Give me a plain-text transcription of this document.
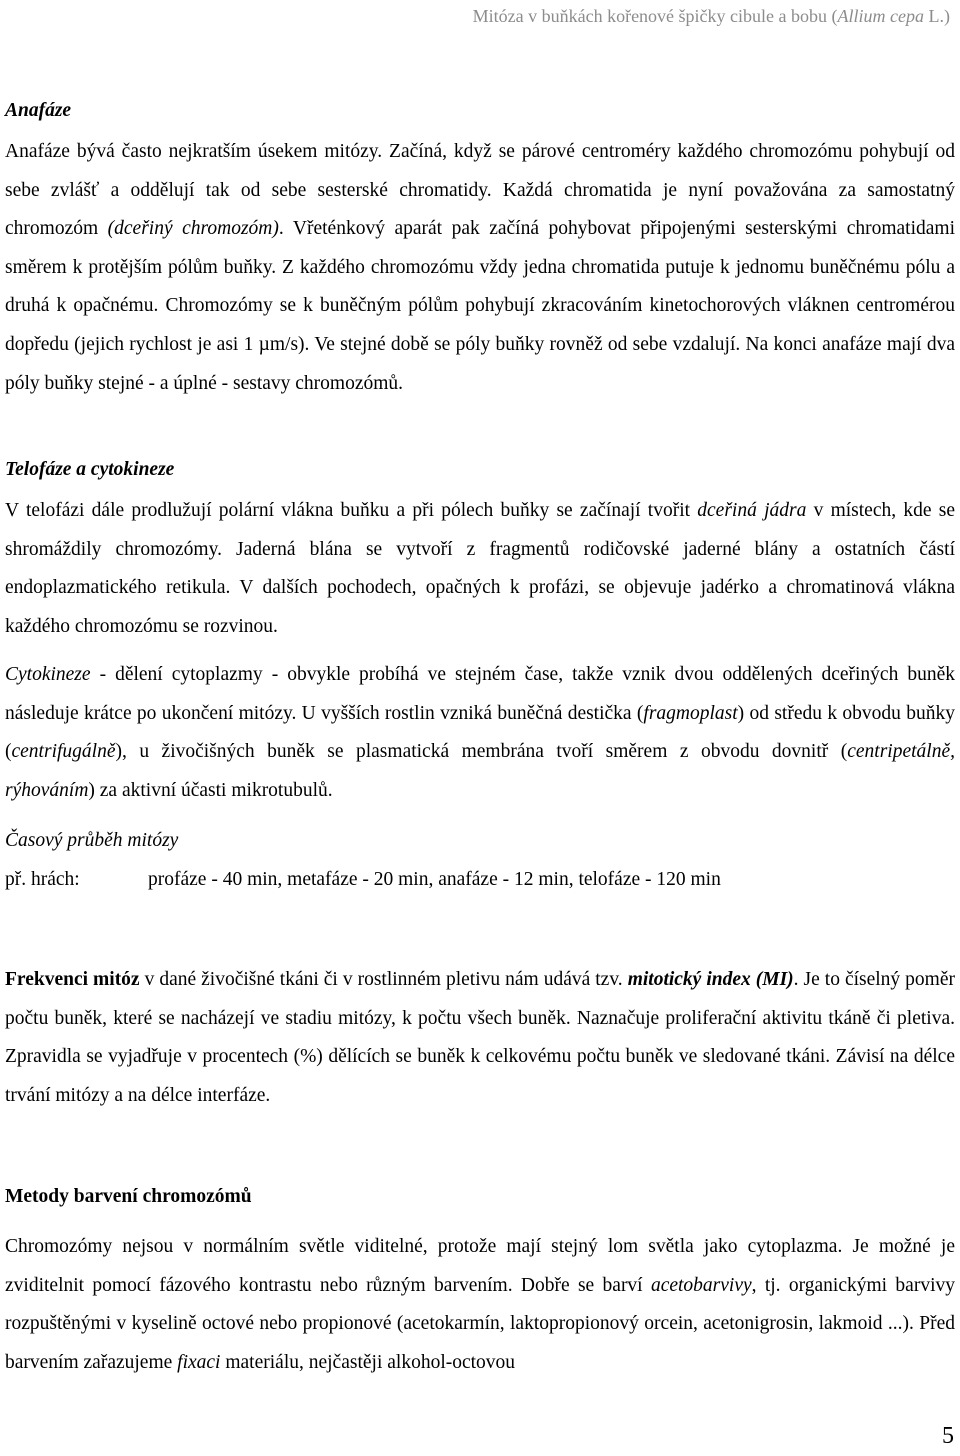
Mitóza v buňkách kořenové špičky cibule a bobu (Allium cepa L.)
Anafáze

Anafáze bývá často nejkratším úsekem mitózy. Začíná, když se párové centroméry každého chromozómu pohybují od sebe zvlášť a oddělují tak od sebe sesterské chromatidy. Každá chromatida je nyní považována za samostatný chromozóm (dceřiný chromozóm). Vřeténkový aparát pak začíná pohybovat připojenými sesterskými chromatidami směrem k protějším pólům buňky. Z každého chromozómu vždy jedna chromatida putuje k jednomu buněčnému pólu a druhá k opačnému. Chromozómy se k buněčným pólům pohybují zkracováním kinetochorových vláknen centromérou dopředu (jejich rychlost je asi 1 µm/s). Ve stejné době se póly buňky rovněž od sebe vzdalují. Na konci anafáze mají dva póly buňky stejné - a úplné - sestavy chromozómů.

Telofáze a cytokineze

V telofázi dále prodlužují polární vlákna buňku a při pólech buňky se začínají tvořit dceřiná jádra v místech, kde se shromáždily chromozómy. Jaderná blána se vytvoří z fragmentů rodičovské jaderné blány a ostatních částí endoplazmatického retikula. V dalších pochodech, opačných k profázi, se objevuje jadérko a chromatinová vlákna každého chromozómu se rozvinou.

Cytokineze - dělení cytoplazmy - obvykle probíhá ve stejném čase, takže vznik dvou oddělených dceřiných buněk následuje krátce po ukončení mitózy. U vyšších rostlin vzniká buněčná destička (fragmoplast) od středu k obvodu buňky (centrifugálně), u živočišných buněk se plasmatická membrána tvoří směrem z obvodu dovnitř (centripetálně, rýhováním) za aktivní účasti mikrotubulů.

Časový průběh mitózy
př. hrách:	profáze - 40 min, metafáze - 20 min, anafáze - 12 min, telofáze - 120 min

Frekvenci mitóz v dané živočišné tkáni či v rostlinném pletivu nám udává tzv. mitotický index (MI). Je to číselný poměr počtu buněk, které se nacházejí ve stadiu mitózy, k počtu všech buněk. Naznačuje proliferační aktivitu tkáně či pletiva. Zpravidla se vyjadřuje v procentech (%) dělících se buněk k celkovému počtu buněk ve sledované tkáni. Závisí na délce trvání mitózy a na délce interfáze.

Metody barvení chromozómů

Chromozómy nejsou v normálním světle viditelné, protože mají stejný lom světla jako cytoplazma. Je možné je zviditelnit pomocí fázového kontrastu nebo různým barvením. Dobře se barví acetobarvivy, tj. organickými barvivy rozpuštěnými v kyselině octové nebo propionové (acetokarmín, laktopropionový orcein, acetonigrosin, lakmoid ...). Před barvením zařazujeme fixaci materiálu, nejčastěji alkohol-octovou

5
